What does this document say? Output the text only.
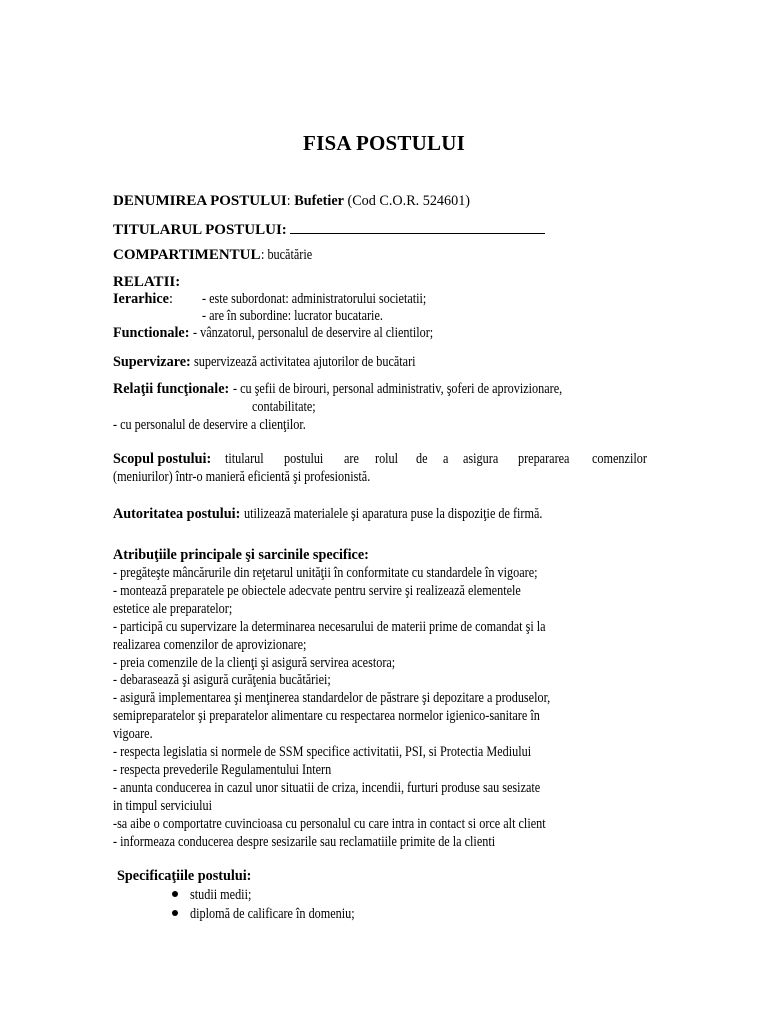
FISA POSTULUI
DENUMIREA POSTULUI: Bufetier (Cod C.O.R. 524601)
TITULARUL POSTULUI:
COMPARTIMENTUL: bucătărie
RELATII:
Ierarhice: - este subordonat: administratorului societatii;
- are în subordine: lucrator bucatarie.
Functionale: - vânzatorul, personalul de deservire al clientilor;
Supervizare: supervizează activitatea ajutorilor de bucătari
Relaţii funcţionale: - cu şefii de birouri, personal administrativ, şoferi de aprovizionare,
contabilitate;
- cu personalul de deservire a clienţilor.
Scopul postului: titularul postului are rolul de a asigura prepararea comenzilor
(meniurilor) într-o manieră eficientă şi profesionistă.
Autoritatea postului: utilizează materialele şi aparatura puse la dispoziţie de firmă.
Atribuţiile principale şi sarcinile specifice:
- pregăteşte mâncărurile din reţetarul unităţii în conformitate cu standardele în vigoare;
- montează preparatele pe obiectele adecvate pentru servire şi realizează elementele
estetice ale preparatelor;
- participă cu supervizare la determinarea necesarului de materii prime de comandat şi la
realizarea comenzilor de aprovizionare;
- preia comenzile de la clienţi şi asigură servirea acestora;
- debarasează şi asigură curăţenia bucătăriei;
- asigură implementarea şi menţinerea standardelor de păstrare şi depozitare a produselor,
semipreparatelor şi preparatelor alimentare cu respectarea normelor igienico-sanitare în
vigoare.
- respecta legislatia si normele de SSM specifice activitatii, PSI, si Protectia Mediului
- respecta prevederile Regulamentului Intern
- anunta conducerea in cazul unor situatii de criza, incendii, furturi produse sau sesizate
in timpul serviciului
-sa aibe o comportatre cuvincioasa cu personalul cu care intra in contact si orce alt client
- informeaza conducerea despre sesizarile sau reclamatiile primite de la clienti
Specificaţiile postului:
studii medii;
diplomă de calificare în domeniu;
